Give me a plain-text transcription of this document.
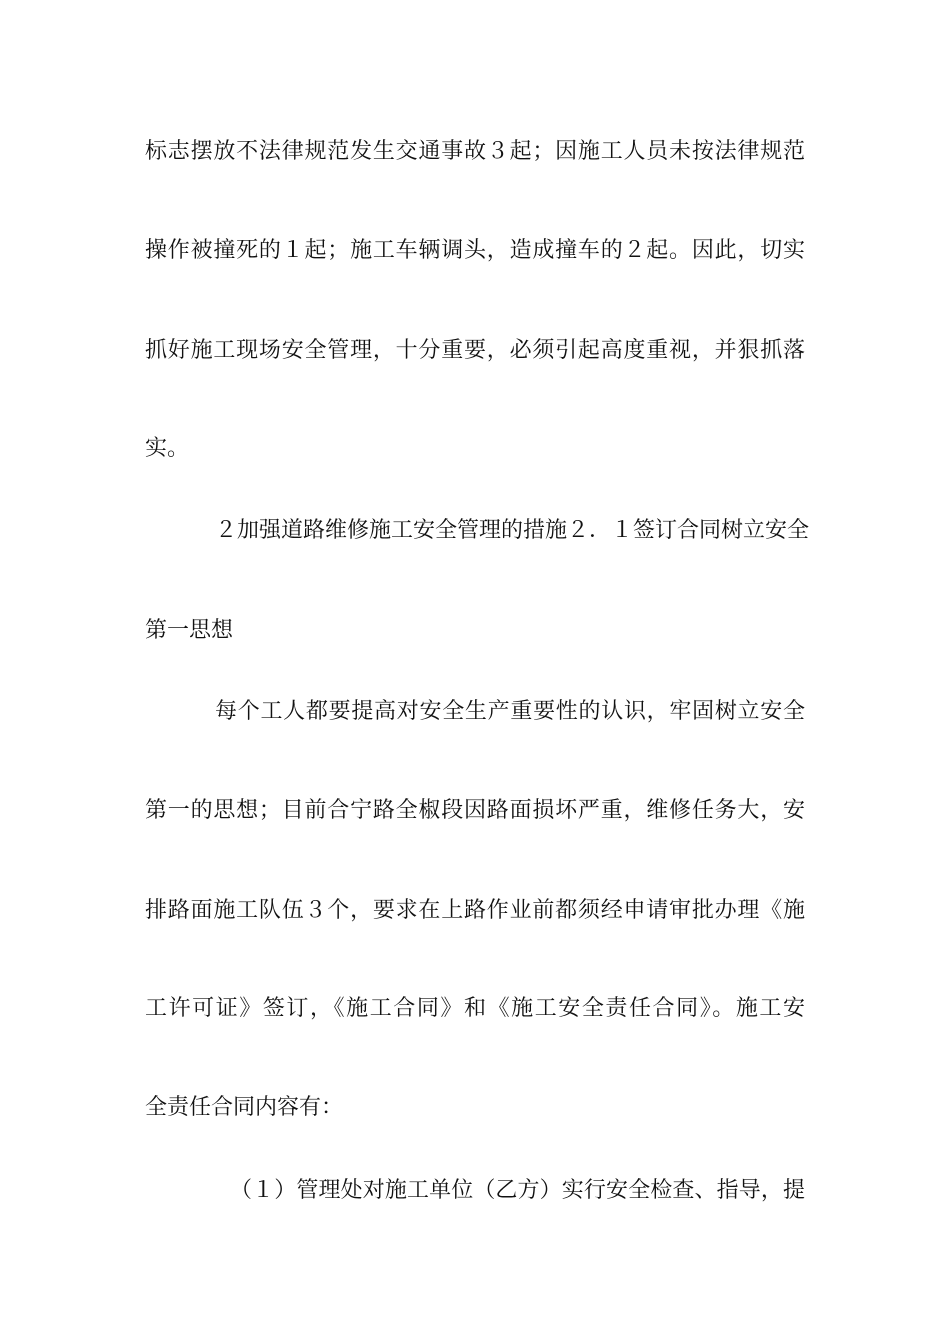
标志摆放不法律规范发生交通事故３起；因施工人员未按法律规范
操作被撞死的１起；施工车辆调头，造成撞车的２起。因此，切实
抓好施工现场安全管理，十分重要，必须引起高度重视，并狠抓落
实。
２加强道路维修施工安全管理的措施２．１签订合同树立安全
第一思想
每个工人都要提高对安全生产重要性的认识，牢固树立安全
第一的思想；目前合宁路全椒段因路面损坏严重，维修任务大，安
排路面施工队伍３个，要求在上路作业前都须经申请审批办理《施
工许可证》签订，《施工合同》和《施工安全责任合同》。施工安
全责任合同内容有：
（１）管理处对施工单位（乙方）实行安全检查、指导，提
